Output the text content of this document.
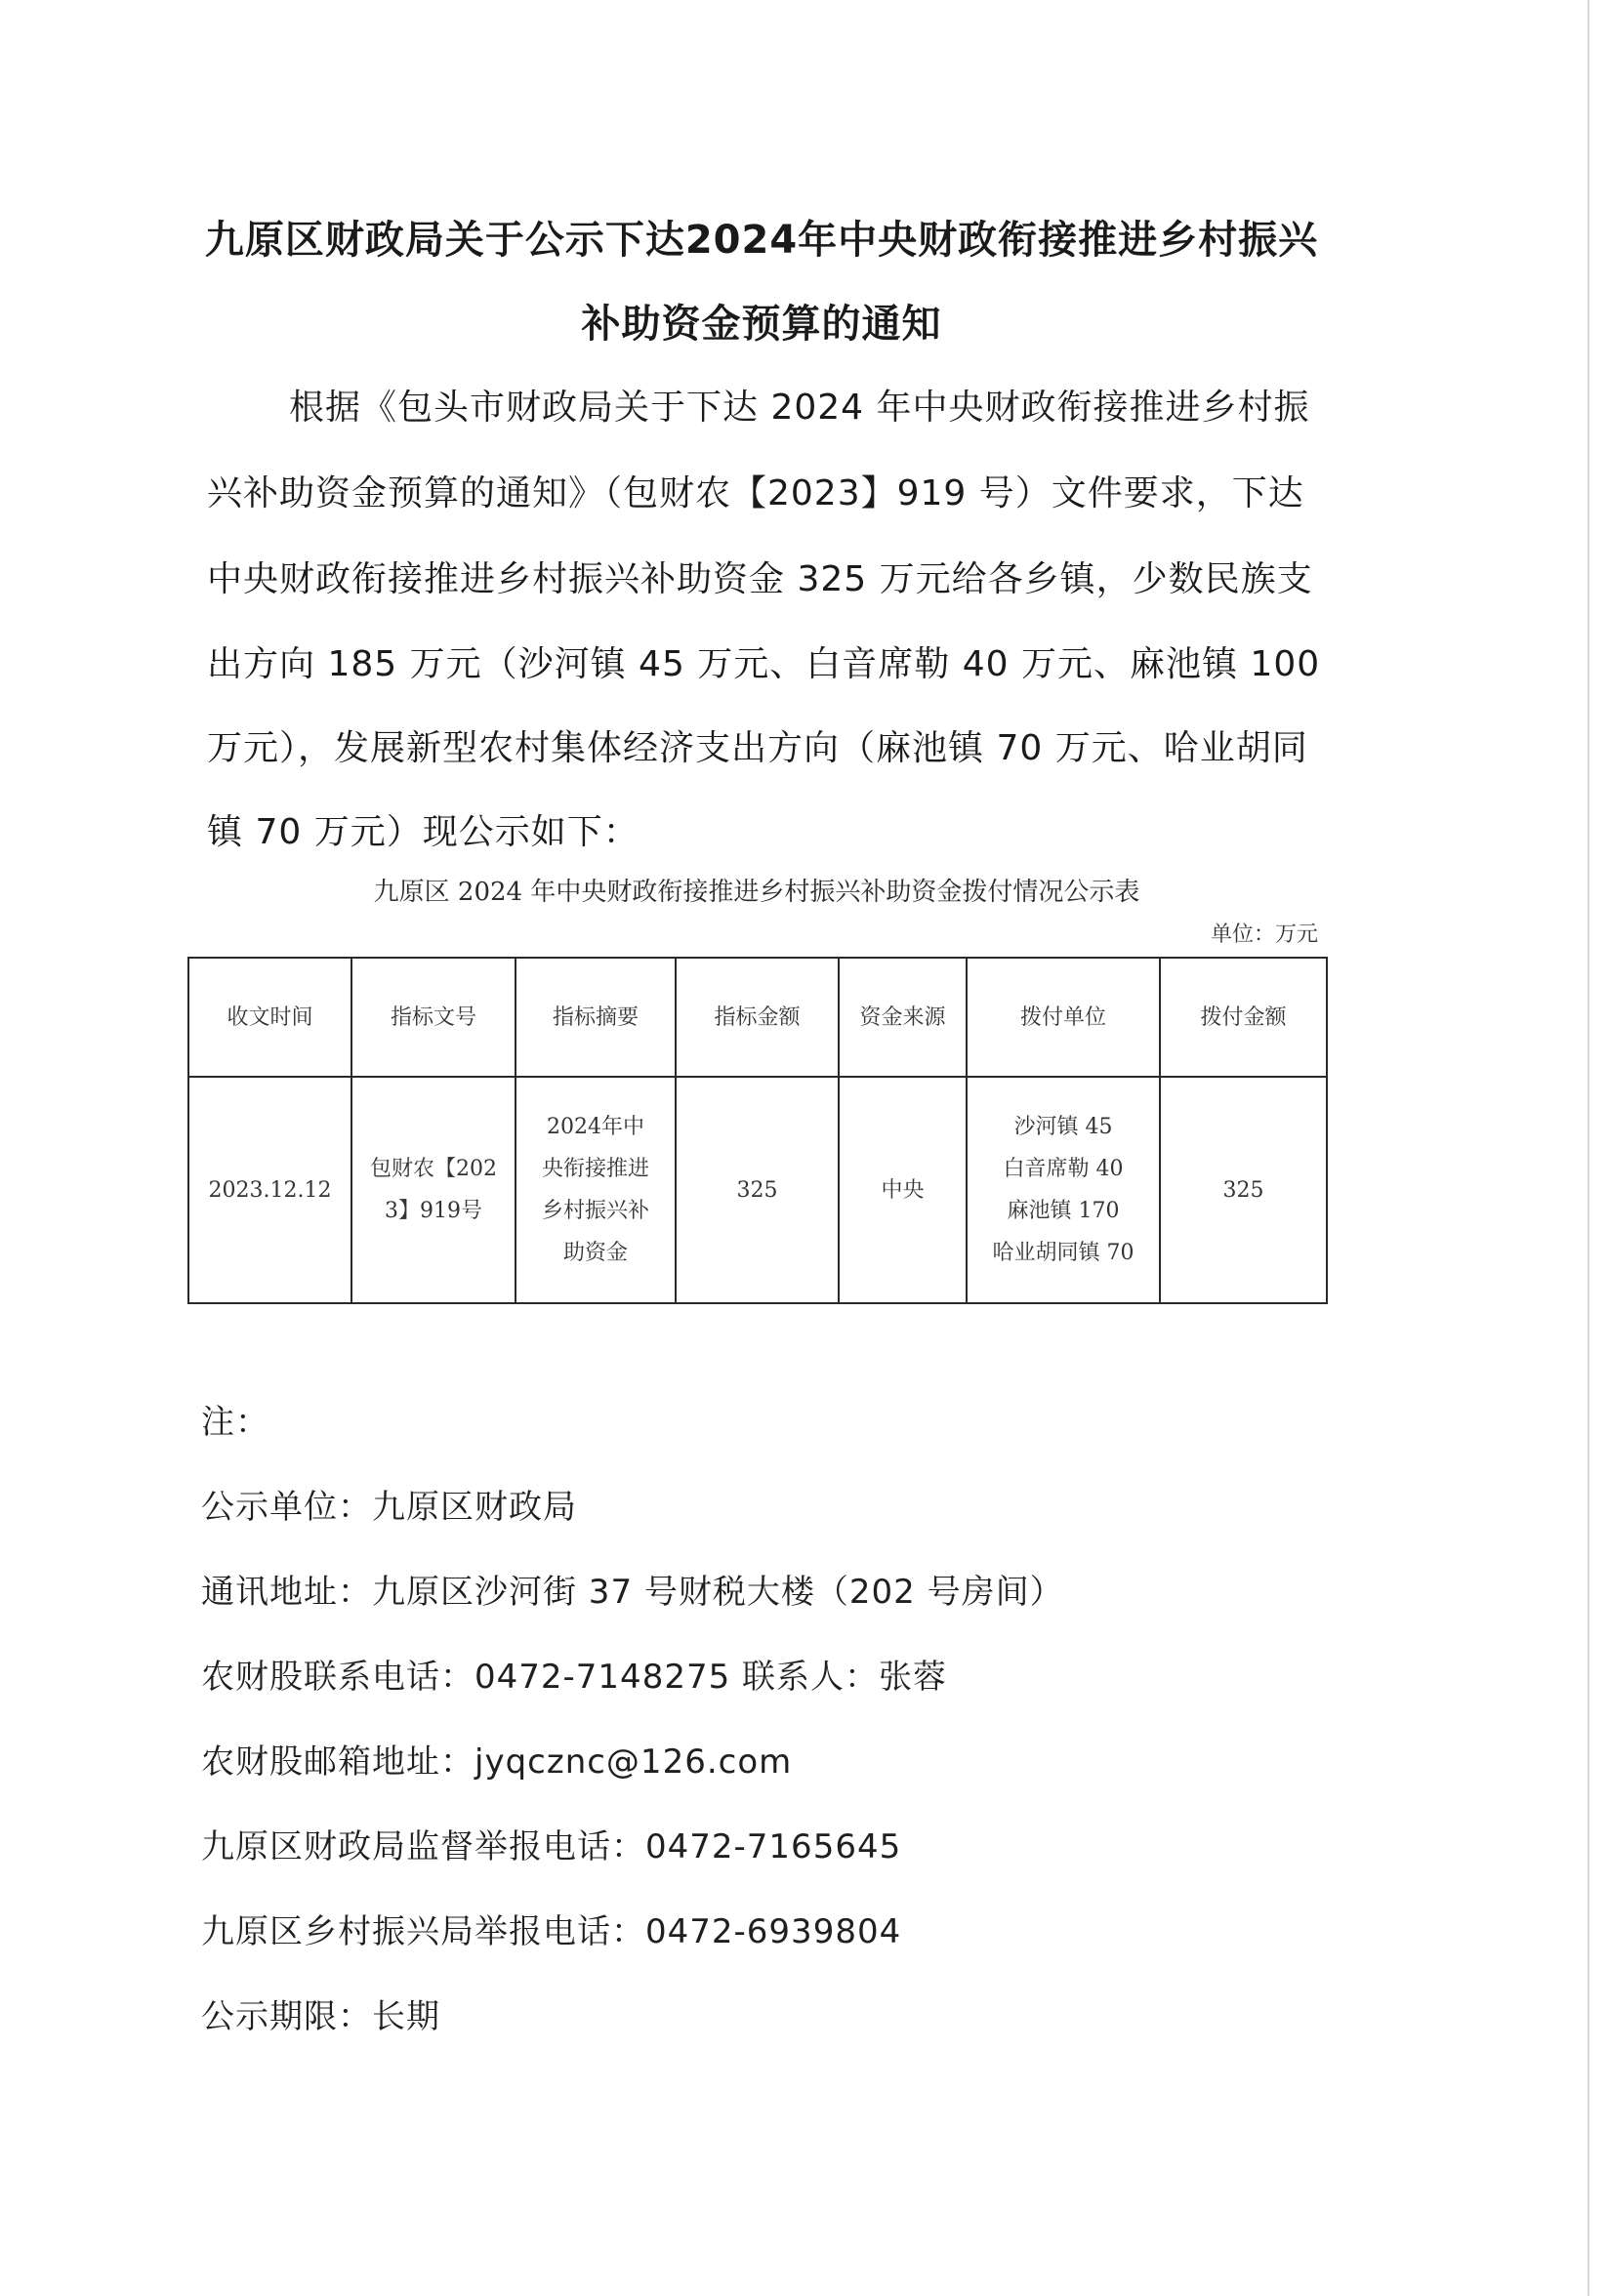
九原区财政局关于公示下达2024年中央财政衔接推进乡村振兴
补助资金预算的通知
根据《包头市财政局关于下达 2024 年中央财政衔接推进乡村振
兴补助资金预算的通知》（包财农【2023】919 号）文件要求，下达
中央财政衔接推进乡村振兴补助资金 325 万元给各乡镇，少数民族支
出方向 185 万元（沙河镇 45 万元、白音席勒 40 万元、麻池镇 100
万元），发展新型农村集体经济支出方向（麻池镇 70 万元、哈业胡同
镇 70 万元）现公示如下：
九原区 2024 年中央财政衔接推进乡村振兴补助资金拨付情况公示表
单位：万元
收文时间	指标文号	指标摘要	指标金额	资金来源	拨付单位	拨付金额
2023.12.12	包财农【2023】919号	2024年中央衔接推进乡村振兴补助资金	325	中央	沙河镇 45
白音席勒 40
麻池镇 170
哈业胡同镇 70	325
注：
公示单位：九原区财政局
通讯地址：九原区沙河街 37 号财税大楼（202 号房间）
农财股联系电话：0472-7148275 联系人：张蓉
农财股邮箱地址：jyqcznc@126.com
九原区财政局监督举报电话：0472-7165645
九原区乡村振兴局举报电话：0472-6939804
公示期限：长期
